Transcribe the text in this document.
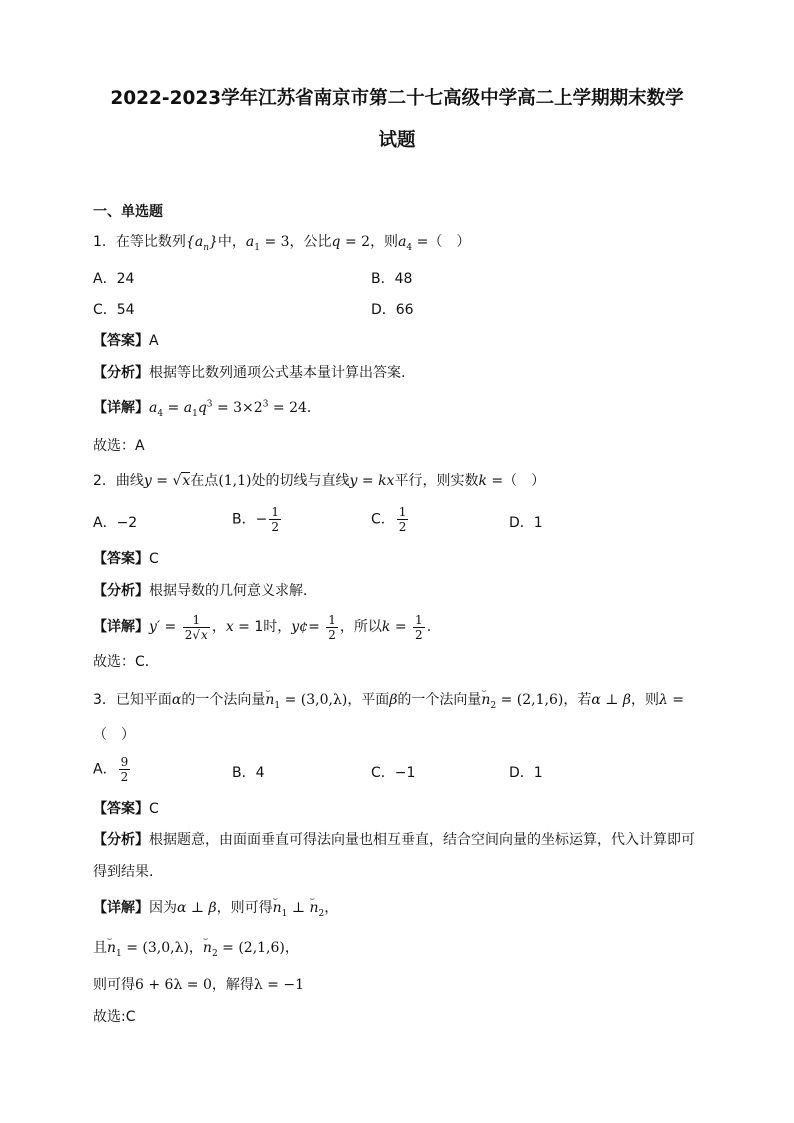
2022-2023学年江苏省南京市第二十七高级中学高二上学期期末数学
试题
一、单选题
1．在等比数列$\{a_n\}$中，$a_1 = 3$，公比q = 2，则$a_4$ =（　）
A．24	B．48
C．54	D．66
【答案】A
【分析】根据等比数列通项公式基本量计算出答案.
【详解】$a_4 = a_1q^3 = 3\times 2^3 = 24$．
故选：A
2．曲线y = √x在点(1,1)处的切线与直线y = kx平行，则实数k =（　）
A．−2	B．− $\frac{1}{2}$	C． $\frac{1}{2}$	D．1
【答案】C
【分析】根据导数的几何意义求解．
【详解】$y' = \frac{1}{2√x}$ ，x = 1时，y¢= $\frac{1}{2}$ ，所以$k = \frac{1}{2}$ .
故选：C．
3．已知平面α的一个法向量⌣ $n_1 = (3,0,\lambda)$，平面β的一个法向量⌣ $n_2 = (2,1,6)$，若α ⊥ β，则λ =
（　）
A． $\frac{9}{2}$	B．4	C．−1	D．1
【答案】C
【分析】根据题意，由面面垂直可得法向量也相互垂直，结合空间向量的坐标运算，代入计算即可
得到结果.
【详解】因为α ⊥ β，则可得⌣ $n_1$ ⊥ ⌣ $n_2$，
且⌣ $n_1 = (3,0,\lambda)$，⌣ $n_2 = (2,1,6)$，
则可得6 + 6λ = 0，解得λ = −1
故选:C
